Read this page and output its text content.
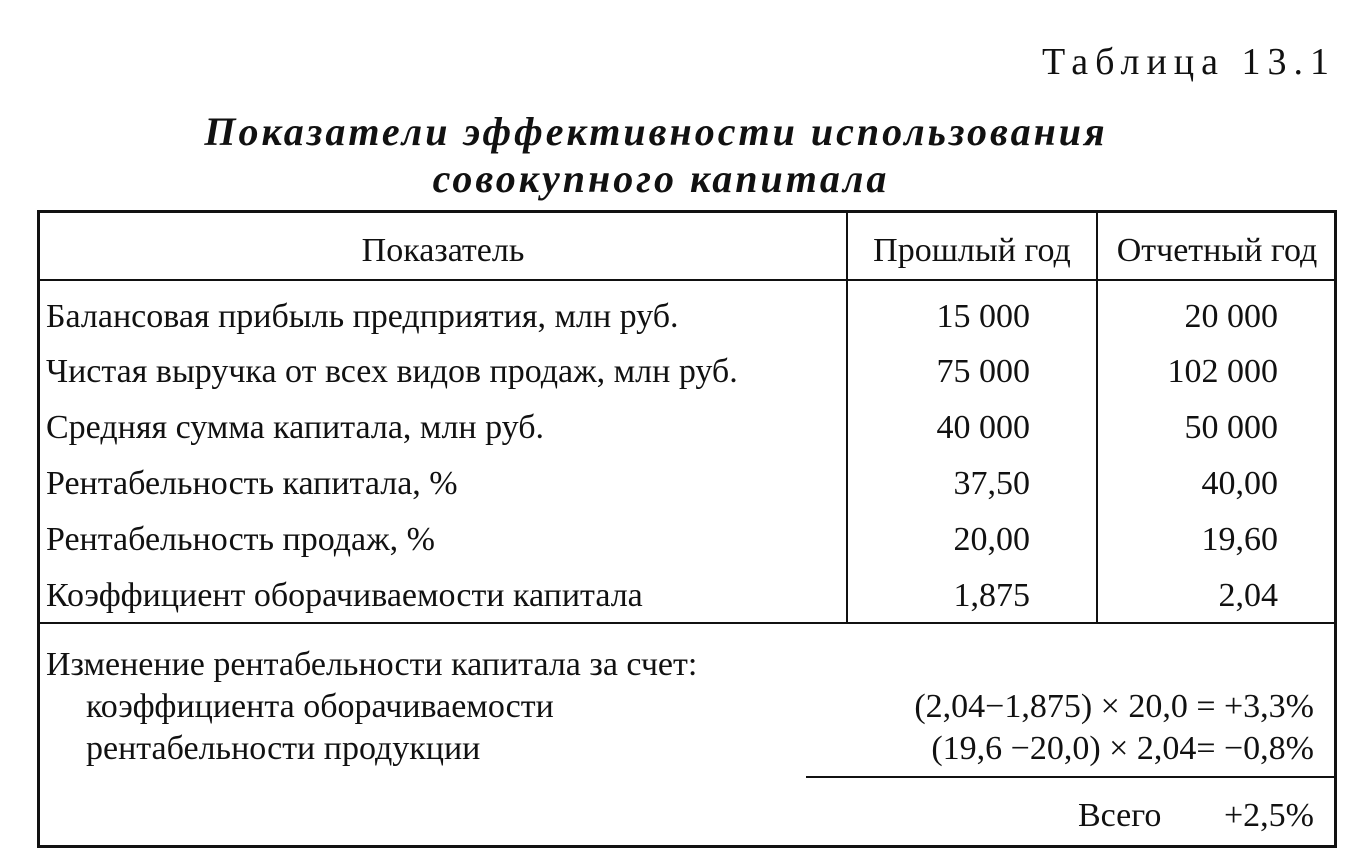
Таблица 13.1
Показатели эффективности использования
совокупного капитала
Показатель	Прошлый год	Отчетный год
Балансовая прибыль предприятия, млн руб.	15 000	20 000
Чистая выручка от всех видов продаж, млн руб.	75 000	102 000
Средняя сумма капитала, млн руб.	40 000	50 000
Рентабельность капитала, %	37,50	40,00
Рентабельность продаж, %	20,00	19,60
Коэффициент оборачиваемости капитала	1,875	2,04
Изменение рентабельности капитала за счет:
коэффициента оборачиваемости	(2,04−1,875) × 20,0 = +3,3%
рентабельности продукции	(19,6 −20,0) × 2,04= −0,8%
Всего +2,5%
